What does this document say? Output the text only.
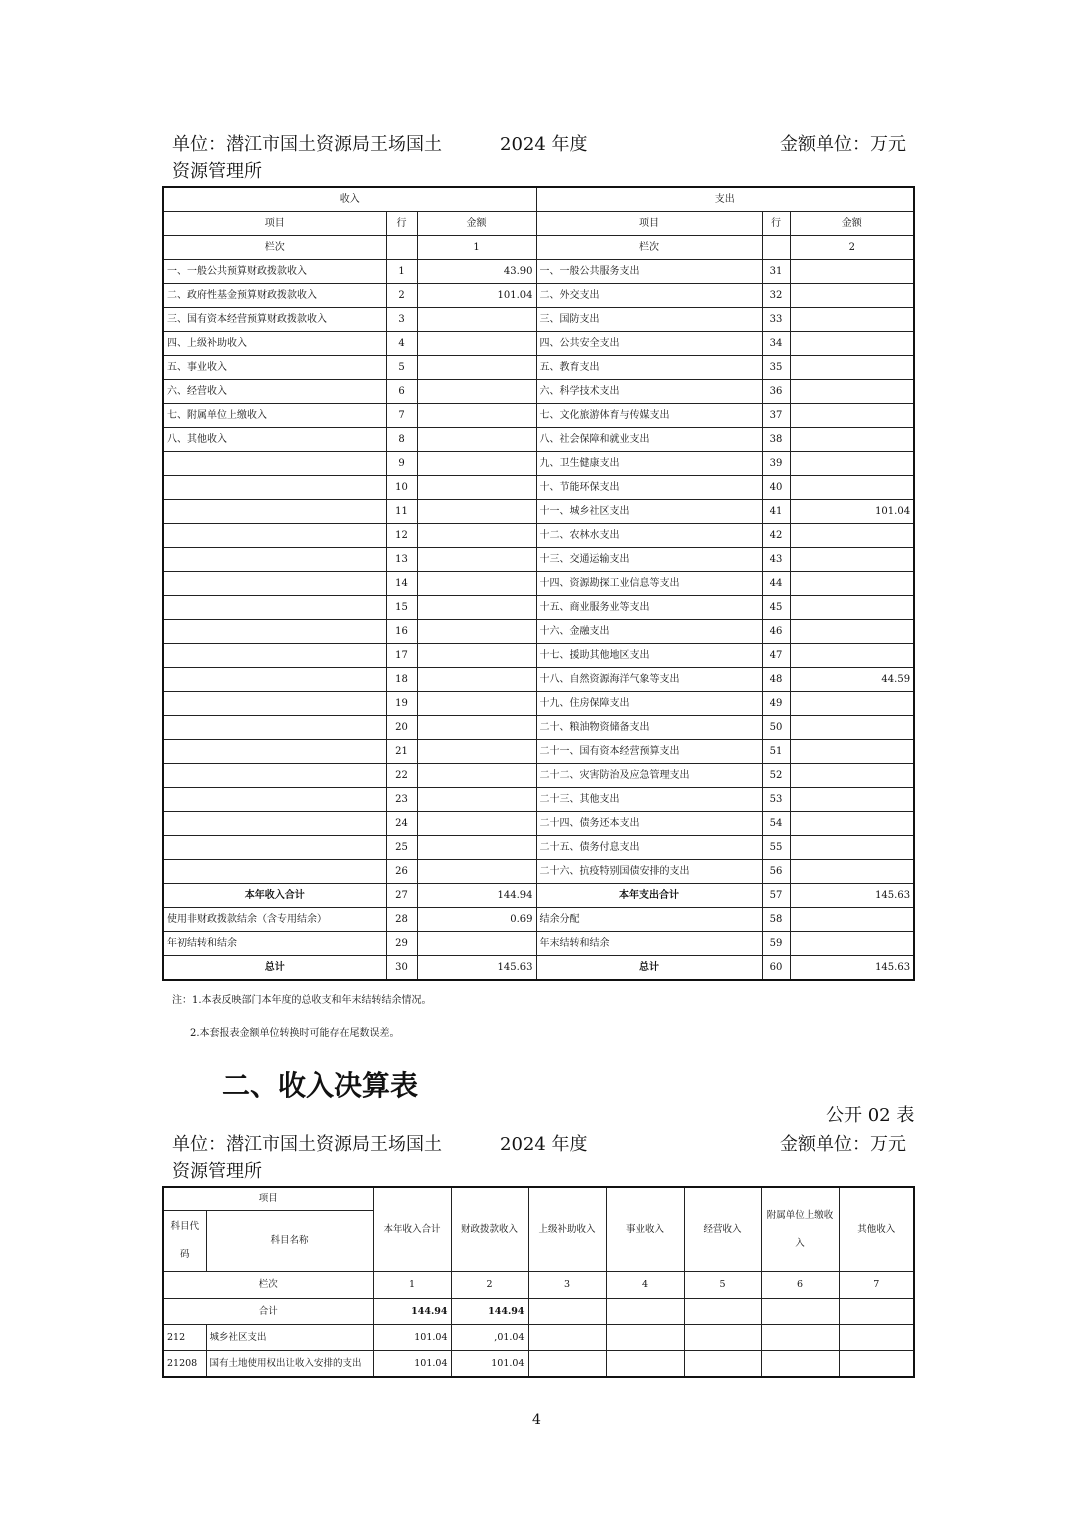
单位：潜江市国土资源局王场国土
资源管理所
2024 年度	金额单位：万元
收入			支出		
项目	行	金额	项目	行	金额
栏次		1	栏次		2
一、一般公共预算财政拨款收入	1	43.90	一、一般公共服务支出	31	
二、政府性基金预算财政拨款收入	2	101.04	二、外交支出	32	
三、国有资本经营预算财政拨款收入	3		三、国防支出	33	
四、上级补助收入	4		四、公共安全支出	34	
五、事业收入	5		五、教育支出	35	
六、经营收入	6		六、科学技术支出	36	
七、附属单位上缴收入	7		七、文化旅游体育与传媒支出	37	
八、其他收入	8		八、社会保障和就业支出	38	
	9		九、卫生健康支出	39	
	10		十、节能环保支出	40	
	11		十一、城乡社区支出	41	101.04
	12		十二、农林水支出	42	
	13		十三、交通运输支出	43	
	14		十四、资源勘探工业信息等支出	44	
	15		十五、商业服务业等支出	45	
	16		十六、金融支出	46	
	17		十七、援助其他地区支出	47	
	18		十八、自然资源海洋气象等支出	48	44.59
	19		十九、住房保障支出	49	
	20		二十、粮油物资储备支出	50	
	21		二十一、国有资本经营预算支出	51	
	22		二十二、灾害防治及应急管理支出	52	
	23		二十三、其他支出	53	
	24		二十四、债务还本支出	54	
	25		二十五、债务付息支出	55	
	26		二十六、抗疫特别国债安排的支出	56	
本年收入合计	27	144.94	本年支出合计	57	145.63
使用非财政拨款结余（含专用结余）	28	0.69	结余分配	58	
年初结转和结余	29		年末结转和结余	59	
总计	30	145.63	总计	60	145.63
注：1.本表反映部门本年度的总收支和年末结转结余情况。
2.本套报表金额单位转换时可能存在尾数误差。
二、收入决算表
公开 02 表
单位：潜江市国土资源局王场国土
资源管理所
2024 年度	金额单位：万元
项目		本年收入合计	财政拨款收入	上级补助收入	事业收入	经营收入	附属单位上缴收入	其他收入
科目代码	科目名称							
栏次		1	2	3	4	5	6	7
合计		144.94	144.94					
212	城乡社区支出	101.04	,01.04					
21208	国有土地使用权出让收入安排的支出	101.04	101.04					
4
